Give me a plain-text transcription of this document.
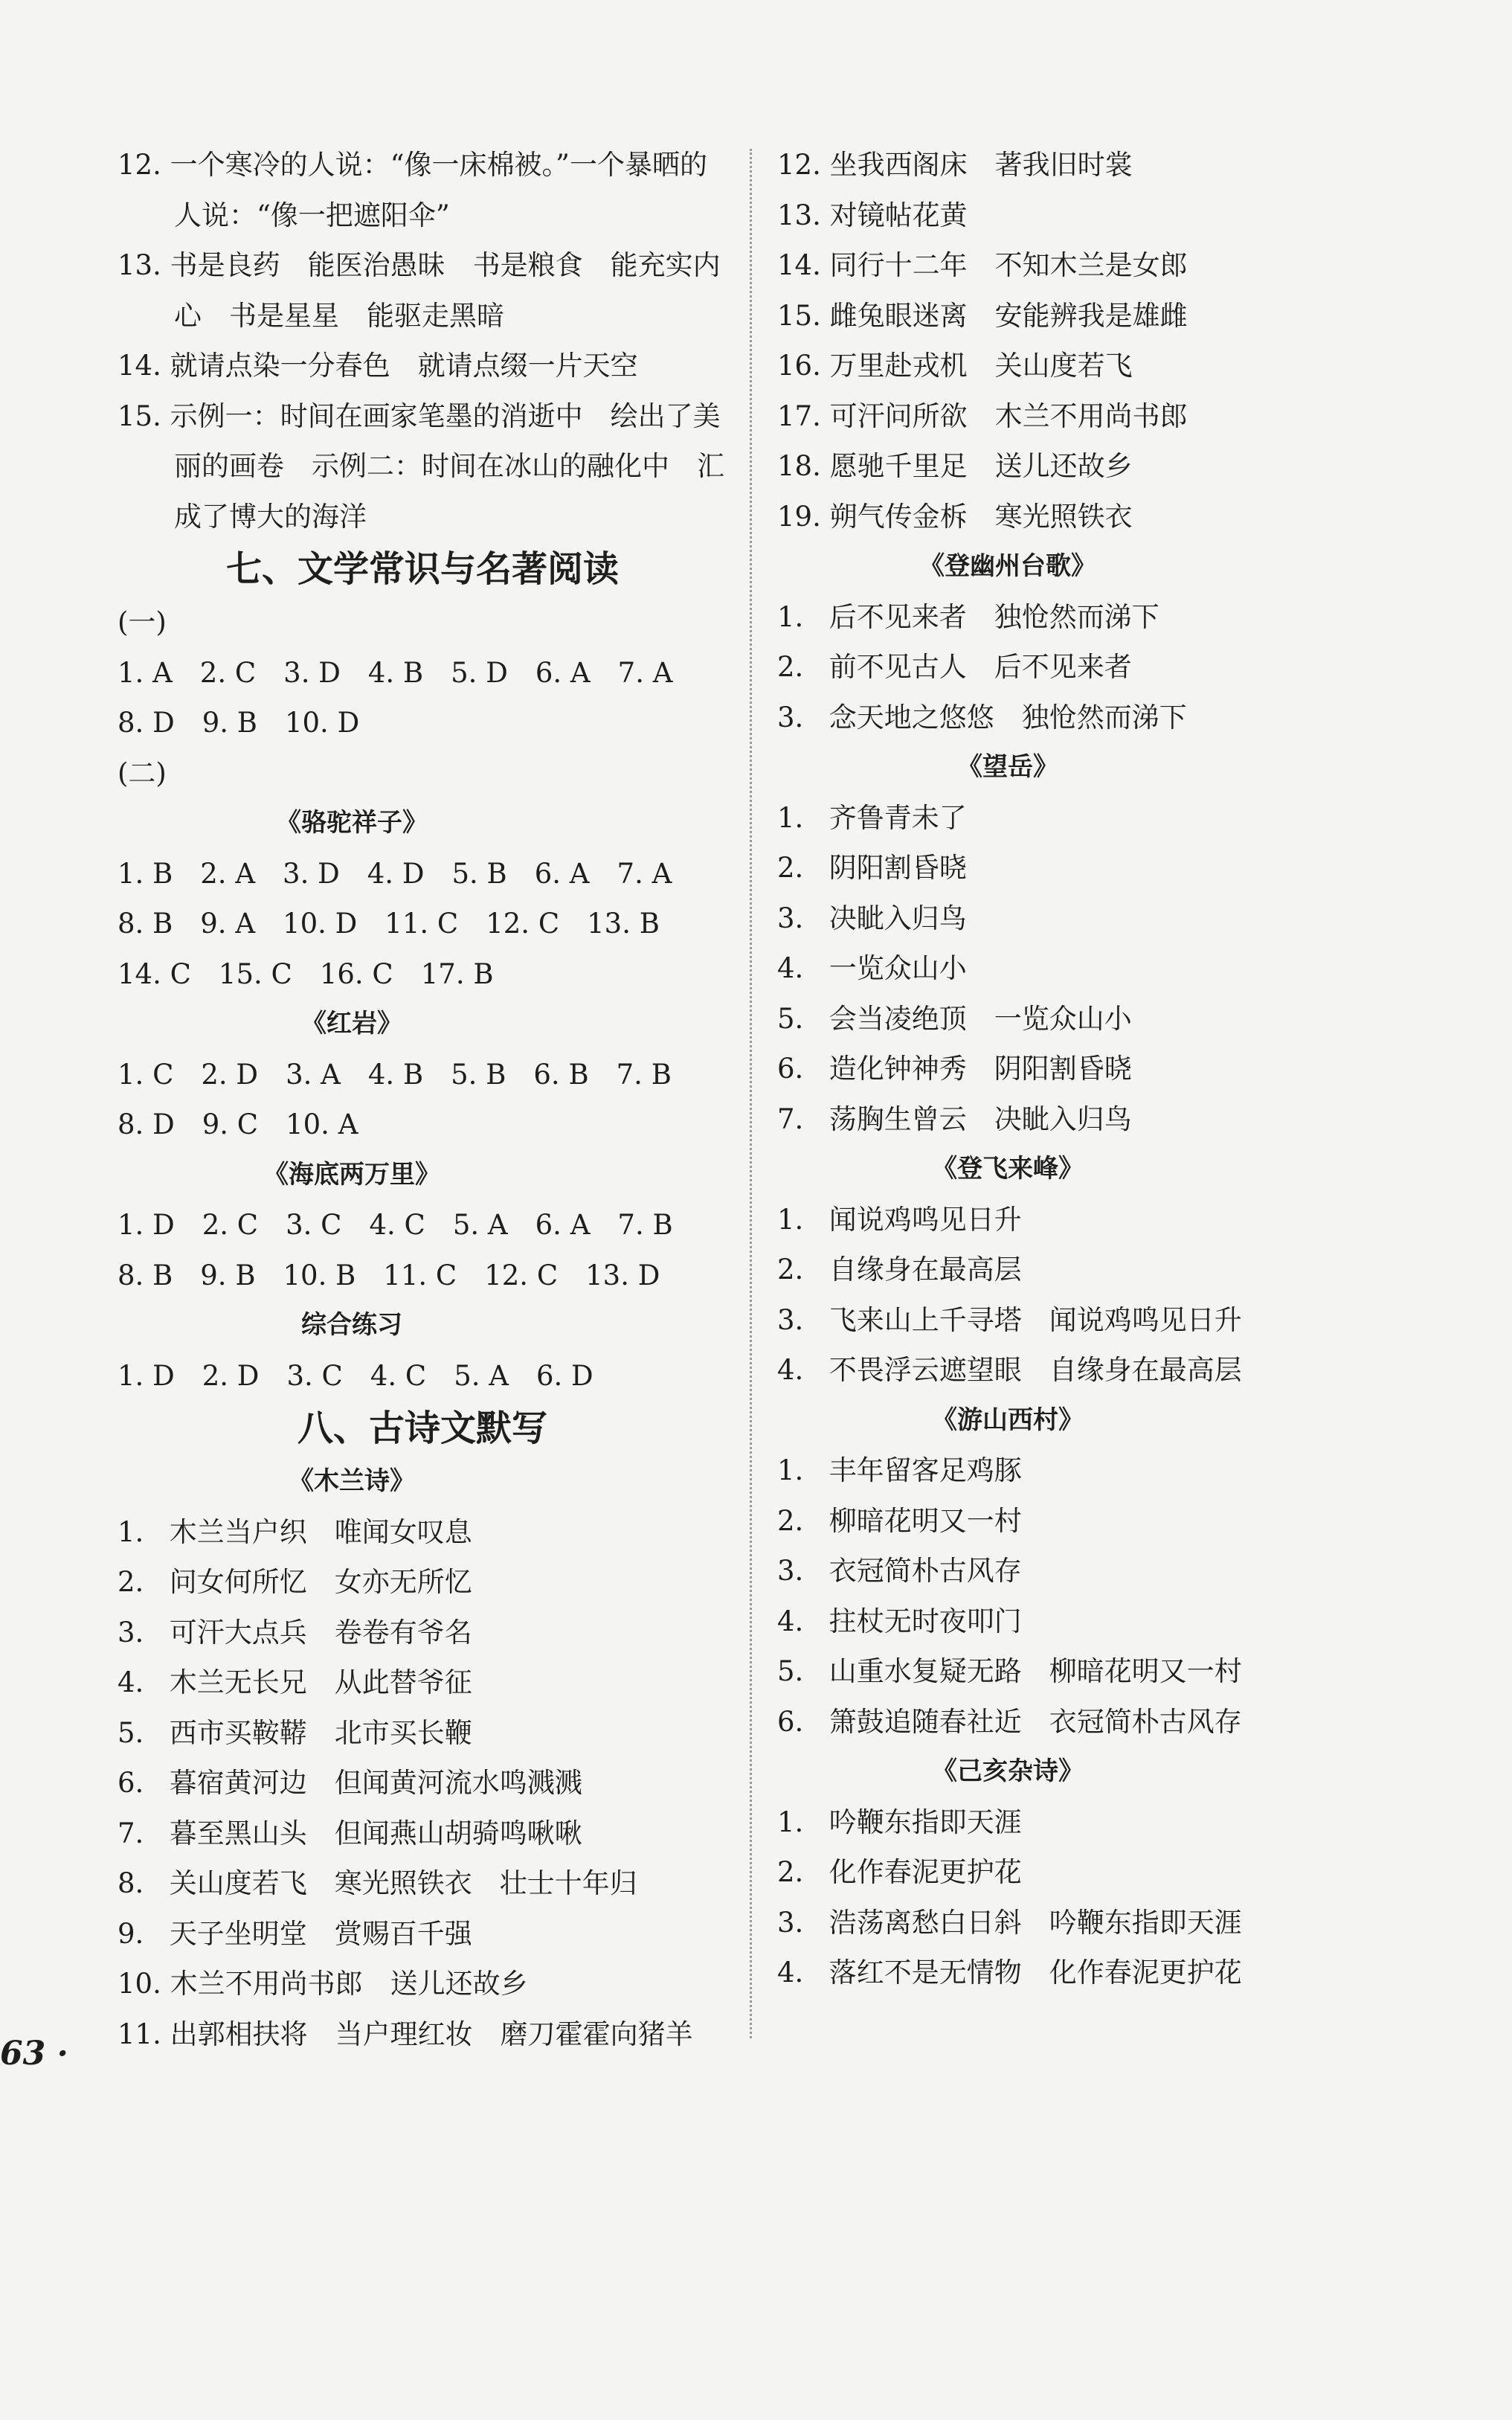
12. 一个寒冷的人说：“像一床棉被。”一个暴晒的
人说：“像一把遮阳伞”
13. 书是良药　能医治愚昧　书是粮食　能充实内
心　书是星星　能驱走黑暗
14. 就请点染一分春色　就请点缀一片天空
15. 示例一：时间在画家笔墨的消逝中　绘出了美
丽的画卷　示例二：时间在冰山的融化中　汇
成了博大的海洋
七、文学常识与名著阅读
(一)
1. A　2. C　3. D　4. B　5. D　6. A　7. A
8. D　9. B　10. D
(二)
《骆驼祥子》
1. B　2. A　3. D　4. D　5. B　6. A　7. A
8. B　9. A　10. D　11. C　12. C　13. B
14. C　15. C　16. C　17. B
《红岩》
1. C　2. D　3. A　4. B　5. B　6. B　7. B
8. D　9. C　10. A
《海底两万里》
1. D　2. C　3. C　4. C　5. A　6. A　7. B
8. B　9. B　10. B　11. C　12. C　13. D
综合练习
1. D　2. D　3. C　4. C　5. A　6. D
八、古诗文默写
《木兰诗》
1. 木兰当户织　唯闻女叹息
2. 问女何所忆　女亦无所忆
3. 可汗大点兵　卷卷有爷名
4. 木兰无长兄　从此替爷征
5. 西市买鞍鞯　北市买长鞭
6. 暮宿黄河边　但闻黄河流水鸣溅溅
7. 暮至黑山头　但闻燕山胡骑鸣啾啾
8. 关山度若飞　寒光照铁衣　壮士十年归
9. 天子坐明堂　赏赐百千强
10. 木兰不用尚书郎　送儿还故乡
11. 出郭相扶将　当户理红妆　磨刀霍霍向猪羊
12. 坐我西阁床　著我旧时裳
13. 对镜帖花黄
14. 同行十二年　不知木兰是女郎
15. 雌兔眼迷离　安能辨我是雄雌
16. 万里赴戎机　关山度若飞
17. 可汗问所欲　木兰不用尚书郎
18. 愿驰千里足　送儿还故乡
19. 朔气传金柝　寒光照铁衣
《登幽州台歌》
1. 后不见来者　独怆然而涕下
2. 前不见古人　后不见来者
3. 念天地之悠悠　独怆然而涕下
《望岳》
1. 齐鲁青未了
2. 阴阳割昏晓
3. 决眦入归鸟
4. 一览众山小
5. 会当凌绝顶　一览众山小
6. 造化钟神秀　阴阳割昏晓
7. 荡胸生曾云　决眦入归鸟
《登飞来峰》
1. 闻说鸡鸣见日升
2. 自缘身在最高层
3. 飞来山上千寻塔　闻说鸡鸣见日升
4. 不畏浮云遮望眼　自缘身在最高层
《游山西村》
1. 丰年留客足鸡豚
2. 柳暗花明又一村
3. 衣冠简朴古风存
4. 拄杖无时夜叩门
5. 山重水复疑无路　柳暗花明又一村
6. 箫鼓追随春社近　衣冠简朴古风存
《己亥杂诗》
1. 吟鞭东指即天涯
2. 化作春泥更护花
3. 浩荡离愁白日斜　吟鞭东指即天涯
4. 落红不是无情物　化作春泥更护花
63 ·
